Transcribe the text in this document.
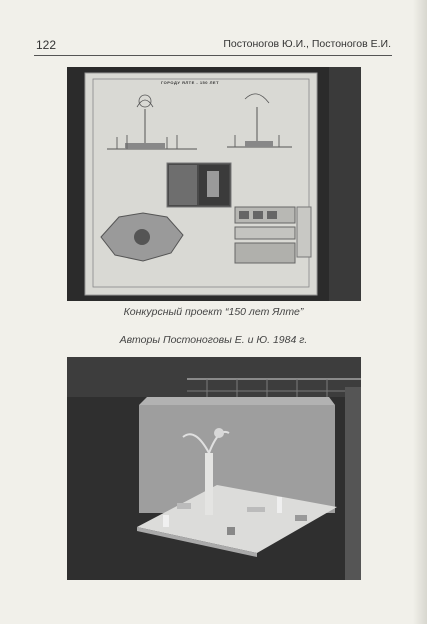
122	Постоногов Ю.И., Постоногов Е.И.
ГОРОДУ ЯЛТЕ - 150 ЛЕТ
Конкурсный проект “150 лет Ялте”
Авторы Постоноговы Е. и Ю. 1984 г.
